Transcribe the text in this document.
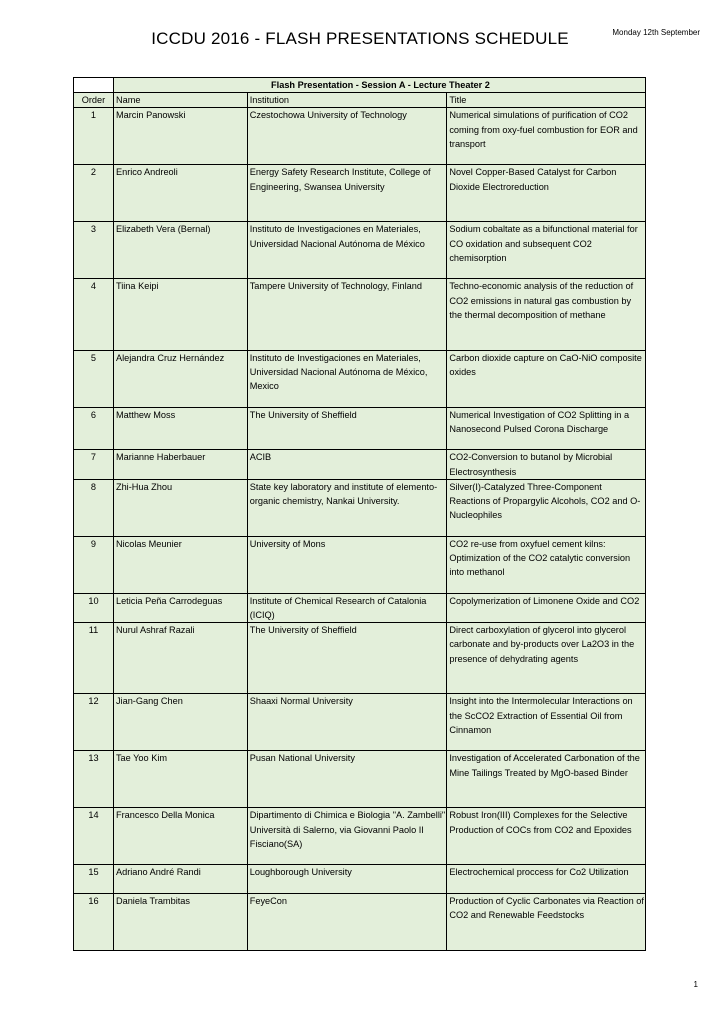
ICCDU 2016 - FLASH PRESENTATIONS SCHEDULE	Monday 12th September
	Flash Presentation - Session A - Lecture Theater 2		
Order	Name	Institution	Title
1	Marcin Panowski	Czestochowa University of Technology	Numerical simulations of purification of CO2 coming from oxy-fuel combustion for EOR and transport
2	Enrico Andreoli	Energy Safety Research Institute, College of Engineering, Swansea University	Novel Copper-Based Catalyst for Carbon Dioxide Electroreduction
3	Elizabeth Vera (Bernal)	Instituto de Investigaciones en Materiales, Universidad Nacional Autónoma de México	Sodium cobaltate as a bifunctional material for CO oxidation and subsequent CO2 chemisorption
4	Tiina Keipi	Tampere University of Technology, Finland	Techno-economic analysis of the reduction of CO2 emissions in natural gas combustion by the thermal decomposition of methane
5	Alejandra Cruz Hernández	Instituto de Investigaciones en Materiales, Universidad Nacional Autónoma de México, Mexico	Carbon dioxide capture on CaO-NiO composite oxides
6	Matthew Moss	The University of Sheffield	Numerical Investigation of CO2 Splitting in a Nanosecond Pulsed Corona Discharge
7	Marianne Haberbauer	ACIB	CO2-Conversion to butanol by Microbial Electrosynthesis
8	Zhi-Hua Zhou	State key laboratory and institute of elemento-organic chemistry, Nankai University.	Silver(I)-Catalyzed Three-Component Reactions of Propargylic Alcohols, CO2 and O-Nucleophiles
9	Nicolas Meunier	University of Mons	CO2 re-use from oxyfuel cement kilns: Optimization of the CO2 catalytic conversion into methanol
10	Leticia Peña Carrodeguas	Institute of Chemical Research of Catalonia (ICIQ)	Copolymerization of Limonene Oxide and CO2
11	Nurul Ashraf Razali	The University of Sheffield	Direct carboxylation of glycerol into glycerol carbonate and by-products over La2O3 in the presence of dehydrating agents
12	Jian-Gang Chen	Shaaxi Normal University	Insight into the Intermolecular Interactions on the ScCO2 Extraction of Essential Oil from Cinnamon
13	Tae Yoo Kim	Pusan National University	Investigation of Accelerated Carbonation of the Mine Tailings Treated by MgO-based Binder
14	Francesco Della Monica	Dipartimento di Chimica e Biologia "A. Zambelli" Università di Salerno, via Giovanni Paolo II Fisciano(SA)	Robust Iron(III) Complexes for the Selective Production of COCs from CO2 and Epoxides
15	Adriano André Randi	Loughborough University	Electrochemical proccess for Co2 Utilization
16	Daniela Trambitas	FeyeCon	Production of Cyclic Carbonates via Reaction of CO2 and Renewable Feedstocks
1
